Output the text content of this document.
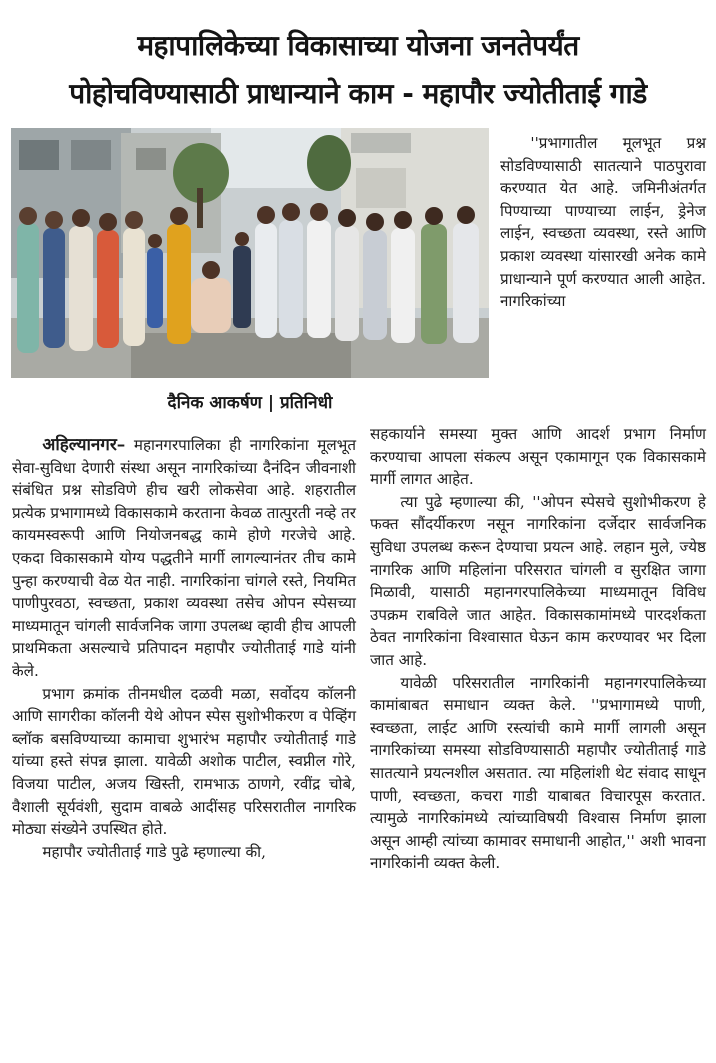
महापालिकेच्या विकासाच्या योजना जनतेपर्यंत
पोहोचविण्यासाठी प्राधान्याने काम - महापौर ज्योतीताई गाडे
दैनिक आकर्षण | प्रतिनिधी

''प्रभागातील मूलभूत प्रश्न सोडविण्यासाठी सातत्याने पाठपुरावा करण्यात येत आहे. जमिनीअंतर्गत पिण्याच्या पाण्याच्या लाईन, ड्रेनेज लाईन, स्वच्छता व्यवस्था, रस्ते आणि प्रकाश व्यवस्था यांसारखी अनेक कामे प्राधान्याने पूर्ण करण्यात आली आहेत. नागरिकांच्या

अहिल्यानगर– महानगरपालिका ही नागरिकांना मूलभूत सेवा-सुविधा देणारी संस्था असून नागरिकांच्या दैनंदिन जीवनाशी संबंधित प्रश्न सोडविणे हीच खरी लोकसेवा आहे. शहरातील प्रत्येक प्रभागामध्ये विकासकामे करताना केवळ तात्पुरती नव्हे तर कायमस्वरूपी आणि नियोजनबद्ध कामे होणे गरजेचे आहे. एकदा विकासकामे योग्य पद्धतीने मार्गी लागल्यानंतर तीच कामे पुन्हा करण्याची वेळ येत नाही. नागरिकांना चांगले रस्ते, नियमित पाणीपुरवठा, स्वच्छता, प्रकाश व्यवस्था तसेच ओपन स्पेसच्या माध्यमातून चांगली सार्वजनिक जागा उपलब्ध व्हावी हीच आपली प्राथमिकता असल्याचे प्रतिपादन महापौर ज्योतीताई गाडे यांनी केले.

प्रभाग क्रमांक तीनमधील दळवी मळा, सर्वोदय कॉलनी आणि सागरीका कॉलनी येथे ओपन स्पेस सुशोभीकरण व पेव्हिंग ब्लॉक बसविण्याच्या कामाचा शुभारंभ महापौर ज्योतीताई गाडे यांच्या हस्ते संपन्न झाला. यावेळी अशोक पाटील, स्वप्नील गोरे, विजया पाटील, अजय खिस्ती, रामभाऊ ठाणगे, रवींद्र चोबे, वैशाली सूर्यवंशी, सुदाम वाबळे आदींसह परिसरातील नागरिक मोठ्या संख्येने उपस्थित होते.

महापौर ज्योतीताई गाडे पुढे म्हणाल्या की,

सहकार्याने समस्या मुक्त आणि आदर्श प्रभाग निर्माण करण्याचा आपला संकल्प असून एकामागून एक विकासकामे मार्गी लागत आहेत.

त्या पुढे म्हणाल्या की, ''ओपन स्पेसचे सुशोभीकरण हे फक्त सौंदर्यीकरण नसून नागरिकांना दर्जेदार सार्वजनिक सुविधा उपलब्ध करून देण्याचा प्रयत्न आहे. लहान मुले, ज्येष्ठ नागरिक आणि महिलांना परिसरात चांगली व सुरक्षित जागा मिळावी, यासाठी महानगरपालिकेच्या माध्यमातून विविध उपक्रम राबविले जात आहेत. विकासकामांमध्ये पारदर्शकता ठेवत नागरिकांना विश्वासात घेऊन काम करण्यावर भर दिला जात आहे.

यावेळी परिसरातील नागरिकांनी महानगरपालिकेच्या कामांबाबत समाधान व्यक्त केले. ''प्रभागामध्ये पाणी, स्वच्छता, लाईट आणि रस्त्यांची कामे मार्गी लागली असून नागरिकांच्या समस्या सोडविण्यासाठी महापौर ज्योतीताई गाडे सातत्याने प्रयत्नशील असतात. त्या महिलांशी थेट संवाद साधून पाणी, स्वच्छता, कचरा गाडी याबाबत विचारपूस करतात. त्यामुळे नागरिकांमध्ये त्यांच्याविषयी विश्वास निर्माण झाला असून आम्ही त्यांच्या कामावर समाधानी आहोत,'' अशी भावना नागरिकांनी व्यक्त केली.
